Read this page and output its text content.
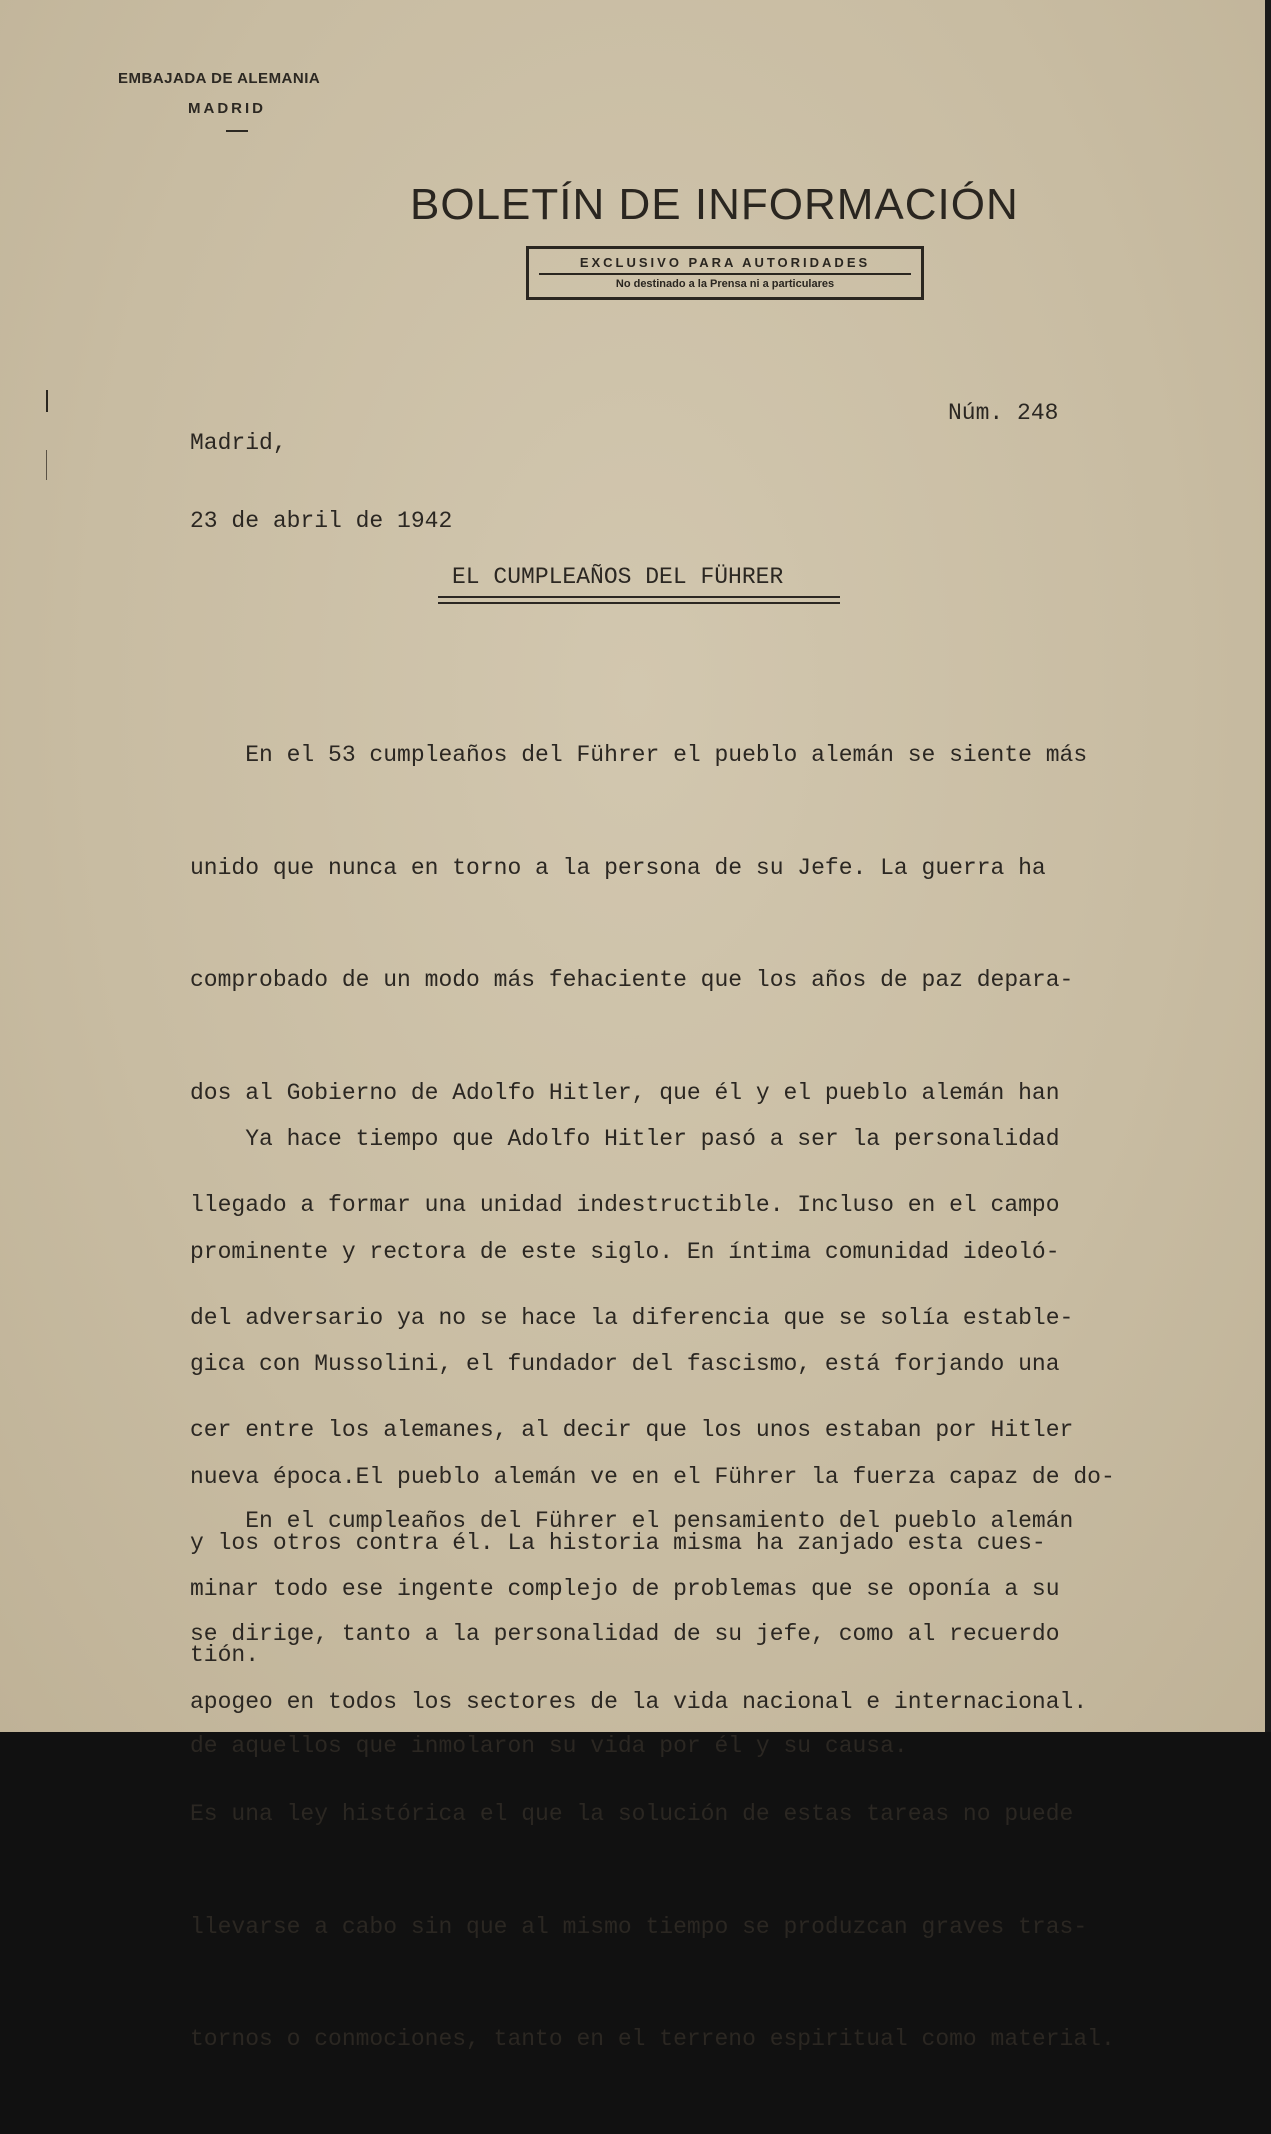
EMBAJADA DE ALEMANIA
MADRID
BOLETÍN DE INFORMACIÓN
EXCLUSIVO PARA AUTORIDADES
No destinado a la Prensa ni a particulares

Madrid,

23 de abril de 1942

Núm. 248
EL CUMPLEAÑOS DEL FÜHRER

En el 53 cumpleaños del Führer el pueblo alemán se siente más

unido que nunca en torno a la persona de su Jefe. La guerra ha

comprobado de un modo más fehaciente que los años de paz depara-

dos al Gobierno de Adolfo Hitler, que él y el pueblo alemán han

llegado a formar una unidad indestructible. Incluso en el campo

del adversario ya no se hace la diferencia que se solía estable-

cer entre los alemanes, al decir que los unos estaban por Hitler

y los otros contra él. La historia misma ha zanjado esta cues-

tión.

Ya hace tiempo que Adolfo Hitler pasó a ser la personalidad

prominente y rectora de este siglo. En íntima comunidad ideoló-

gica con Mussolini, el fundador del fascismo, está forjando una

nueva época.El pueblo alemán ve en el Führer la fuerza capaz de do-

minar todo ese ingente complejo de problemas que se oponía a su

apogeo en todos los sectores de la vida nacional e internacional.

Es una ley histórica el que la solución de estas tareas no puede

llevarse a cabo sin que al mismo tiempo se produzcan graves tras-

tornos o conmociones, tanto en el terreno espiritual como material.

En el cumpleaños del Führer el pensamiento del pueblo alemán

se dirige, tanto a la personalidad de su jefe, como al recuerdo

de aquellos que inmolaron su vida por él y su causa.
